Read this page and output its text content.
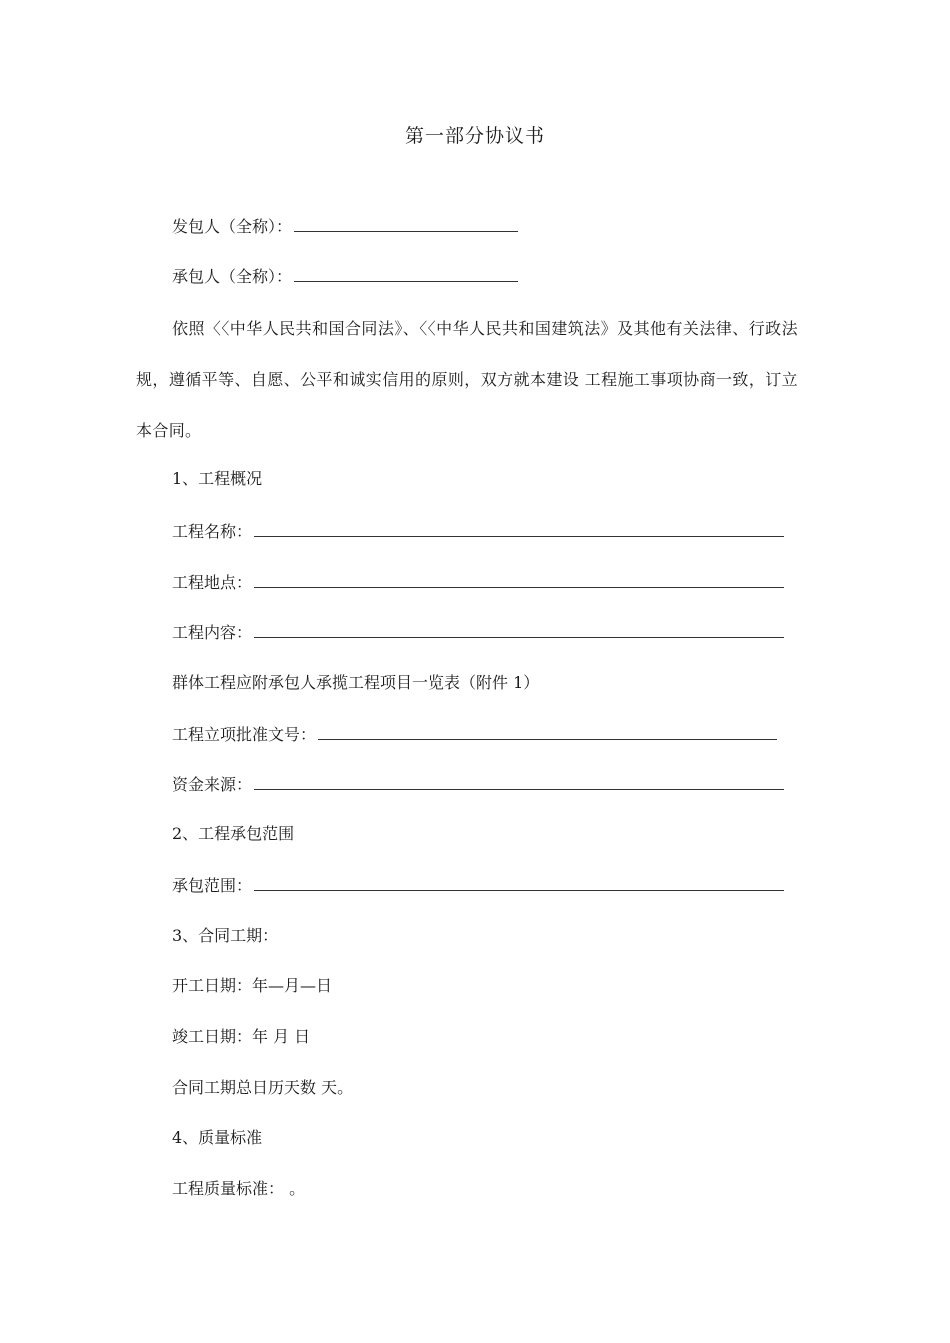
第一部分协议书
发包人（全称）：
承包人（全称）：
依照〈〈中华人民共和国合同法》、〈〈中华人民共和国建筑法》及其他有关法律、行政法规，遵循平等、自愿、公平和诚实信用的原则，双方就本建设 工程施工事项协商一致，订立本合同。
1、工程概况
工程名称：
工程地点：
工程内容：
群体工程应附承包人承揽工程项目一览表（附件 1）
工程立项批准文号：
资金来源：
2、工程承包范围
承包范围：
3、合同工期：
开工日期：年—月—日
竣工日期：年 月 日
合同工期总日历天数 天。
4、质量标准
工程质量标准： 。
